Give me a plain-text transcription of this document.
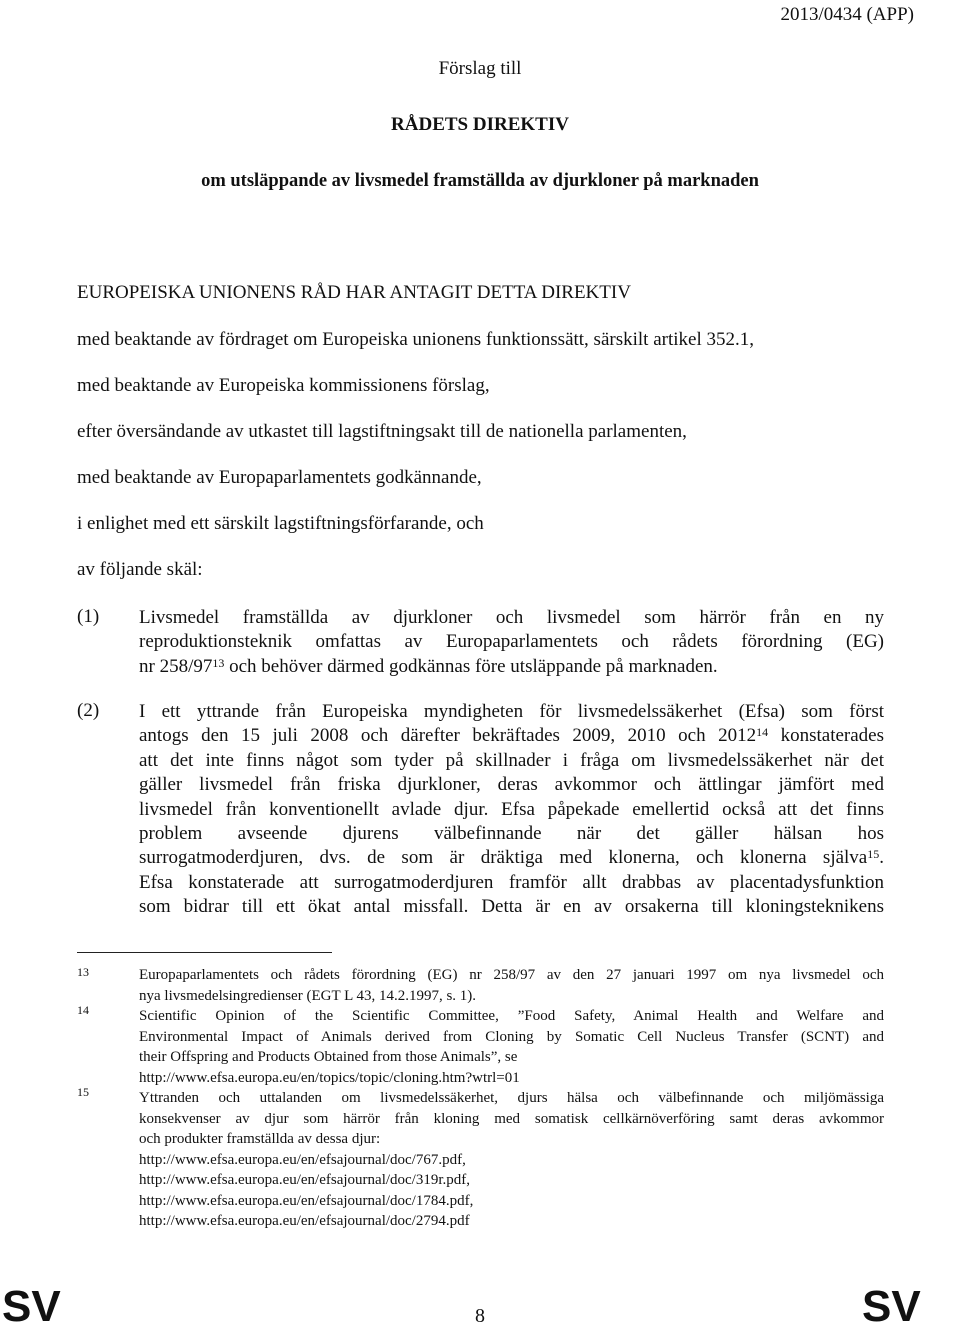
2013/0434 (APP)
Förslag till
RÅDETS DIREKTIV
om utsläppande av livsmedel framställda av djurkloner på marknaden
EUROPEISKA UNIONENS RÅD HAR ANTAGIT DETTA DIREKTIV
med beaktande av fördraget om Europeiska unionens funktionssätt, särskilt artikel 352.1,
med beaktande av Europeiska kommissionens förslag,
efter översändande av utkastet till lagstiftningsakt till de nationella parlamenten,
med beaktande av Europaparlamentets godkännande,
i enlighet med ett särskilt lagstiftningsförfarande, och
av följande skäl:
(1) Livsmedel framställda av djurkloner och livsmedel som härrör från en ny
reproduktionsteknik omfattas av Europaparlamentets och rådets förordning (EG)
nr $258/97^{13}$ och behöver därmed godkännas före utsläppande på marknaden.
(2) I ett yttrande från Europeiska myndigheten för livsmedelssäkerhet (Efsa) som först
antogs den 15 juli 2008 och därefter bekräftades 2009, 2010 och 2012$^{14}$ konstaterades
att det inte finns något som tyder på skillnader i fråga om livsmedelssäkerhet när det
gäller livsmedel från friska djurkloner, deras avkommor och ättlingar jämfört med
livsmedel från konventionellt avlade djur. Efsa påpekade emellertid också att det finns
problem avseende djurens välbefinnande när det gäller hälsan hos
surrogatmoderdjuren, dvs. de som är dräktiga med klonerna, och klonerna själva$^{15}$.
Efsa konstaterade att surrogatmoderdjuren framför allt drabbas av placentadysfunktion
som bidrar till ett ökat antal missfall. Detta är en av orsakerna till kloningsteknikens
13	Europaparlamentets och rådets förordning (EG) nr 258/97 av den 27 januari 1997 om nya livsmedel och
nya livsmedelsingredienser (EGT L 43, 14.2.1997, s. 1).
14	Scientific Opinion of the Scientific Committee, ”Food Safety, Animal Health and Welfare and
Environmental Impact of Animals derived from Cloning by Somatic Cell Nucleus Transfer (SCNT) and
their Offspring and Products Obtained from those Animals”, se
http://www.efsa.europa.eu/en/topics/topic/cloning.htm?wtrl=01
15	Yttranden och uttalanden om livsmedelssäkerhet, djurs hälsa och välbefinnande och miljömässiga
konsekvenser av djur som härrör från kloning med somatisk cellkärnöverföring samt deras avkommor
och produkter framställda av dessa djur:
http://www.efsa.europa.eu/en/efsajournal/doc/767.pdf,
http://www.efsa.europa.eu/en/efsajournal/doc/319r.pdf,
http://www.efsa.europa.eu/en/efsajournal/doc/1784.pdf,
http://www.efsa.europa.eu/en/efsajournal/doc/2794.pdf
SV	8	SV
